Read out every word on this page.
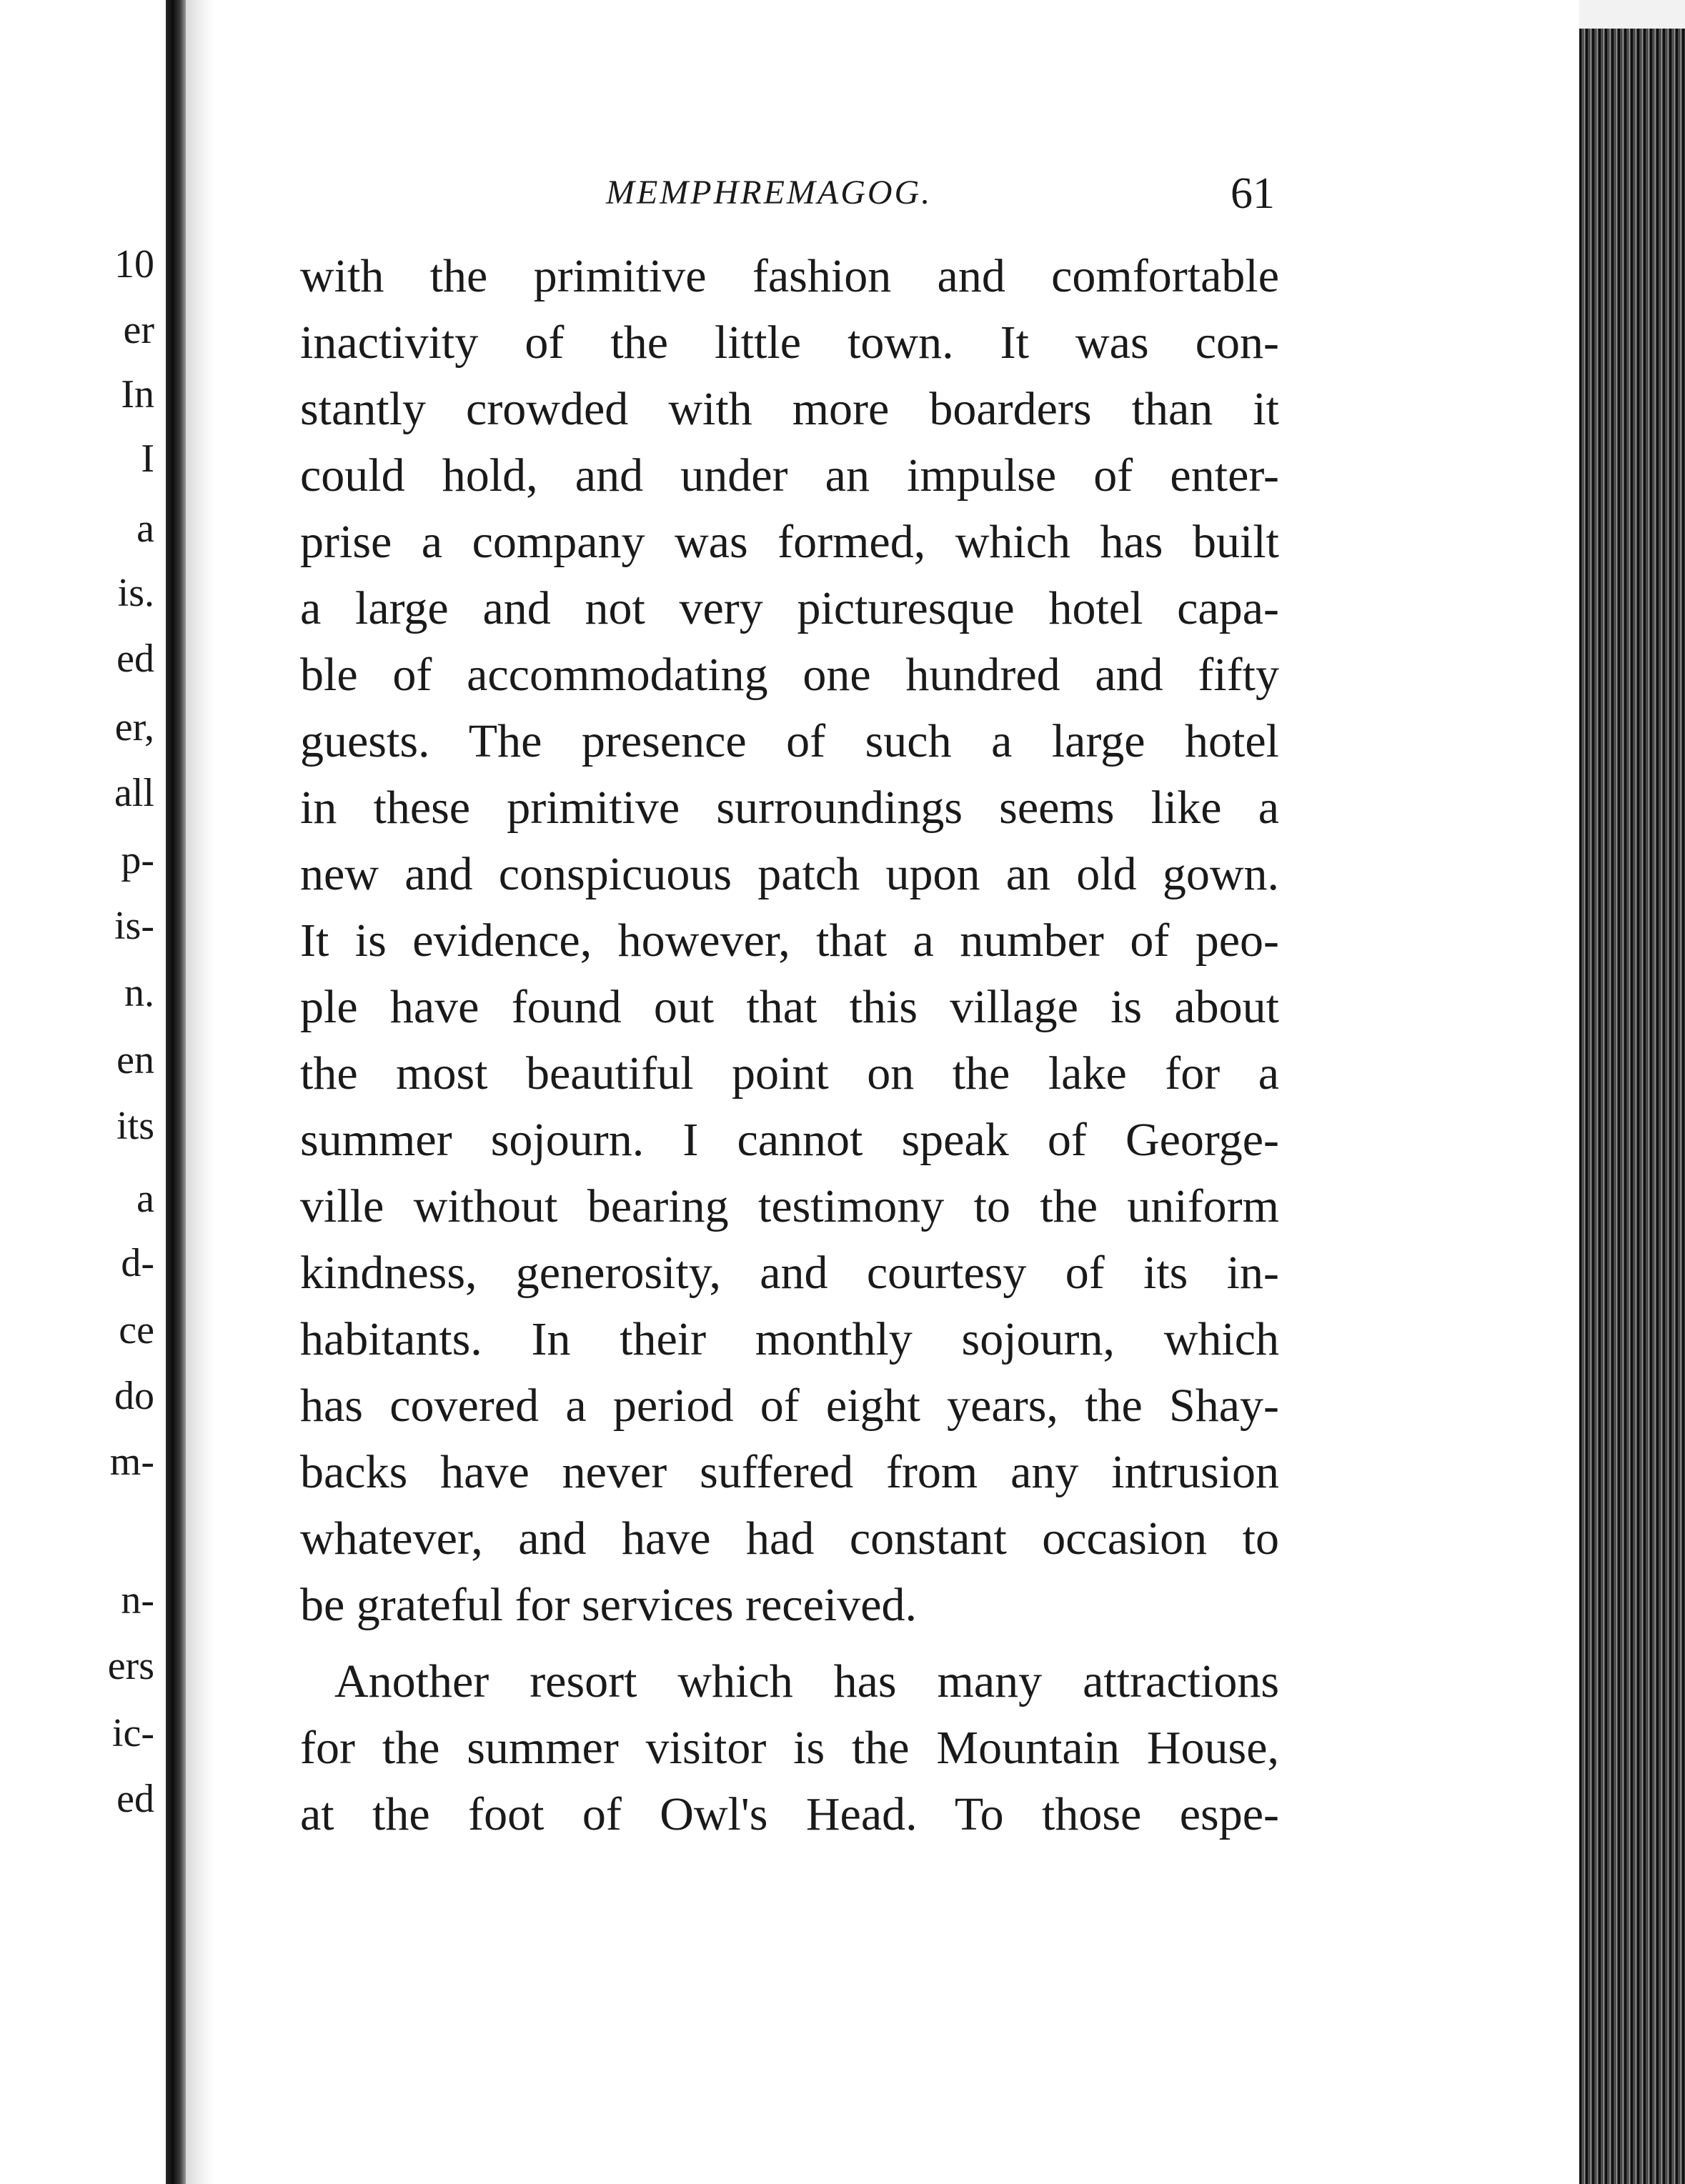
10
er
In
I
a
is.
ed
er,
all
p-
is-
n.
en
its
a
d-
ce
do
m-
n-
ers
ic-
ed
MEMPHREMAGOG.	61
with the primitive fashion and comfortable
inactivity of the little town. It was con-
stantly crowded with more boarders than it
could hold, and under an impulse of enter-
prise a company was formed, which has built
a large and not very picturesque hotel capa-
ble of accommodating one hundred and fifty
guests. The presence of such a large hotel
in these primitive surroundings seems like a
new and conspicuous patch upon an old gown.
It is evidence, however, that a number of peo-
ple have found out that this village is about
the most beautiful point on the lake for a
summer sojourn. I cannot speak of George-
ville without bearing testimony to the uniform
kindness, generosity, and courtesy of its in-
habitants. In their monthly sojourn, which
has covered a period of eight years, the Shay-
backs have never suffered from any intrusion
whatever, and have had constant occasion to
be grateful for services received.
Another resort which has many attractions
for the summer visitor is the Mountain House,
at the foot of Owl's Head. To those espe-
